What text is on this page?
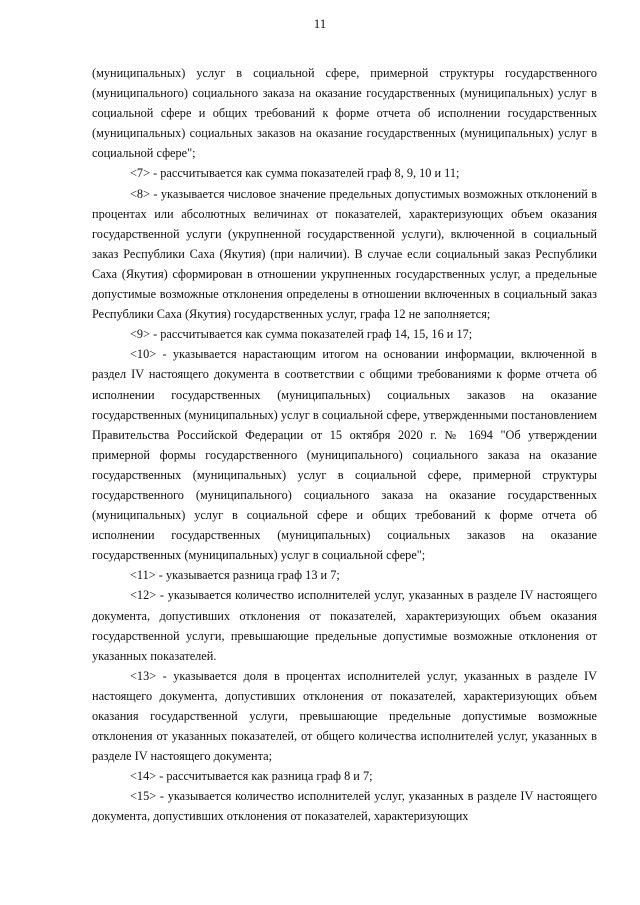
11

(муниципальных) услуг в социальной сфере, примерной структуры государственного (муниципального) социального заказа на оказание государственных (муниципальных) услуг в социальной сфере и общих требований к форме отчета об исполнении государственных (муниципальных) социальных заказов на оказание государственных (муниципальных) услуг в социальной сфере";

<7> - рассчитывается как сумма показателей граф 8, 9, 10 и 11;

<8> - указывается числовое значение предельных допустимых возможных отклонений в процентах или абсолютных величинах от показателей, характеризующих объем оказания государственной услуги (укрупненной государственной услуги), включенной в социальный заказ Республики Саха (Якутия) (при наличии). В случае если социальный заказ Республики Саха (Якутия) сформирован в отношении укрупненных государственных услуг, а предельные допустимые возможные отклонения определены в отношении включенных в социальный заказ Республики Саха (Якутия) государственных услуг, графа 12 не заполняется;

<9> - рассчитывается как сумма показателей граф 14, 15, 16 и 17;

<10> - указывается нарастающим итогом на основании информации, включенной в раздел IV настоящего документа в соответствии с общими требованиями к форме отчета об исполнении государственных (муниципальных) социальных заказов на оказание государственных (муниципальных) услуг в социальной сфере, утвержденными постановлением Правительства Российской Федерации от 15 октября 2020 г. № 1694 "Об утверждении примерной формы государственного (муниципального) социального заказа на оказание государственных (муниципальных) услуг в социальной сфере, примерной структуры государственного (муниципального) социального заказа на оказание государственных (муниципальных) услуг в социальной сфере и общих требований к форме отчета об исполнении государственных (муниципальных) социальных заказов на оказание государственных (муниципальных) услуг в социальной сфере";

<11> - указывается разница граф 13 и 7;

<12> - указывается количество исполнителей услуг, указанных в разделе IV настоящего документа, допустивших отклонения от показателей, характеризующих объем оказания государственной услуги, превышающие предельные допустимые возможные отклонения от указанных показателей.

<13> - указывается доля в процентах исполнителей услуг, указанных в разделе IV настоящего документа, допустивших отклонения от показателей, характеризующих объем оказания государственной услуги, превышающие предельные допустимые возможные отклонения от указанных показателей, от общего количества исполнителей услуг, указанных в разделе IV настоящего документа;

<14> - рассчитывается как разница граф 8 и 7;

<15> - указывается количество исполнителей услуг, указанных в разделе IV настоящего документа, допустивших отклонения от показателей, характеризующих
